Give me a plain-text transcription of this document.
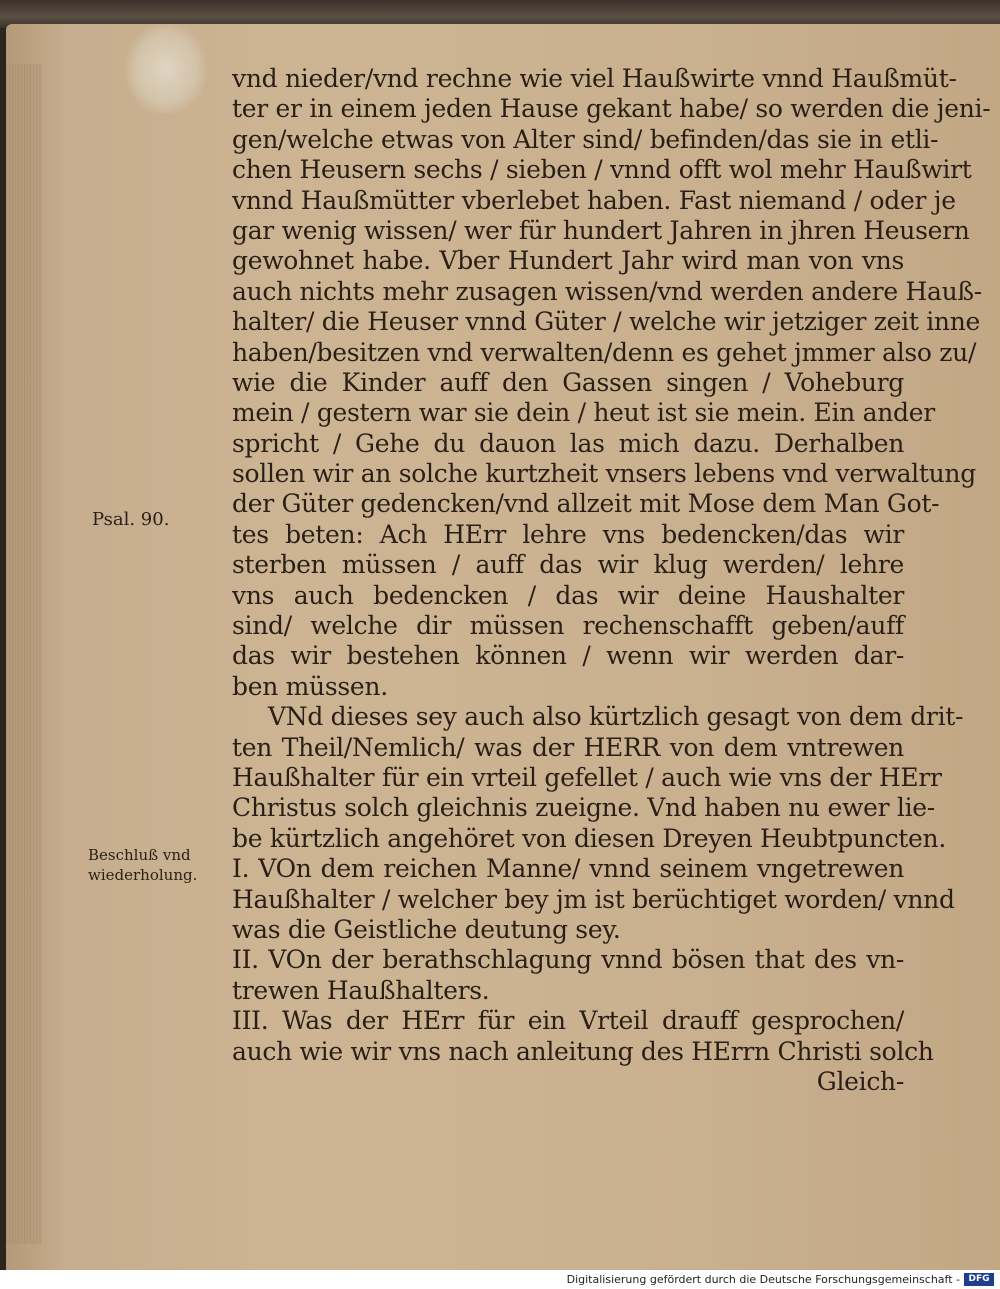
Psal. 90.
Beschluß vnd
wiederholung.
vnd nieder/vnd rechne wie viel Haußwirte vnnd Haußmüt-
ter er in einem jeden Hause gekant habe/ so werden die jeni-
gen/welche etwas von Alter sind/ befinden/das sie in etli-
chen Heusern sechs / sieben / vnnd offt wol mehr Haußwirt
vnnd Haußmütter vberlebet haben. Fast niemand / oder je
gar wenig wissen/ wer für hundert Jahren in jhren Heusern
gewohnet habe. Vber Hundert Jahr wird man von vns
auch nichts mehr zusagen wissen/vnd werden andere Hauß-
halter/ die Heuser vnnd Güter / welche wir jetziger zeit inne
haben/besitzen vnd verwalten/denn es gehet jmmer also zu/
wie die Kinder auff den Gassen singen / Voheburg
mein / gestern war sie dein / heut ist sie mein. Ein ander
spricht / Gehe du dauon las mich dazu. Derhalben
sollen wir an solche kurtzheit vnsers lebens vnd verwaltung
der Güter gedencken/vnd allzeit mit Mose dem Man Got-
tes beten: Ach HErr lehre vns bedencken/das wir
sterben müssen / auff das wir klug werden/ lehre
vns auch bedencken / das wir deine Haushalter
sind/ welche dir müssen rechenschafft geben/auff
das wir bestehen können / wenn wir werden dar-
ben müssen.
VNd dieses sey auch also kürtzlich gesagt von dem drit-
ten Theil/Nemlich/ was der HERR von dem vntrewen
Haußhalter für ein vrteil gefellet / auch wie vns der HErr
Christus solch gleichnis zueigne. Vnd haben nu ewer lie-
be kürtzlich angehöret von diesen Dreyen Heubtpuncten.
I. VOn dem reichen Manne/ vnnd seinem vngetrewen
Haußhalter / welcher bey jm ist berüchtiget worden/ vnnd
was die Geistliche deutung sey.
II. VOn der berathschlagung vnnd bösen that des vn-
trewen Haußhalters.
III. Was der HErr für ein Vrteil drauff gesprochen/
auch wie wir vns nach anleitung des HErrn Christi solch
Gleich-
Digitalisierung gefördert durch die Deutsche Forschungsgemeinschaft - DFG
